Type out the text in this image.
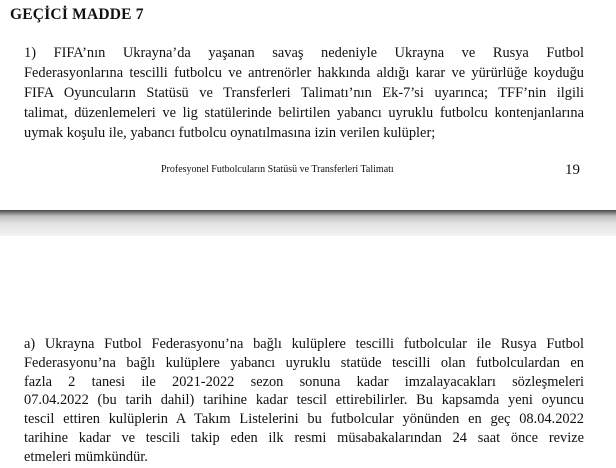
GEÇİCİ MADDE 7

1) FIFA’nın Ukrayna’da yaşanan savaş nedeniyle Ukrayna ve Rusya Futbol
Federasyonlarına tescilli futbolcu ve antrenörler hakkında aldığı karar ve yürürlüğe koyduğu
FIFA Oyuncuların Statüsü ve Transferleri Talimatı’nın Ek-7’si uyarınca; TFF’nin ilgili
talimat, düzenlemeleri ve lig statülerinde belirtilen yabancı uyruklu futbolcu kontenjanlarına
uymak koşulu ile, yabancı futbolcu oynatılmasına izin verilen kulüpler;

Profesyonel Futbolcuların Statüsü ve Transferleri Talimatı	19

a) Ukrayna Futbol Federasyonu’na bağlı kulüplere tescilli futbolcular ile Rusya Futbol
Federasyonu’na bağlı kulüplere yabancı uyruklu statüde tescilli olan futbolculardan en
fazla 2 tanesi ile 2021-2022 sezon sonuna kadar imzalayacakları sözleşmeleri
07.04.2022 (bu tarih dahil) tarihine kadar tescil ettirebilirler. Bu kapsamda yeni oyuncu
tescil ettiren kulüplerin A Takım Listelerini bu futbolcular yönünden en geç 08.04.2022
tarihine kadar ve tescili takip eden ilk resmi müsabakalarından 24 saat önce revize
etmeleri mümkündür.
